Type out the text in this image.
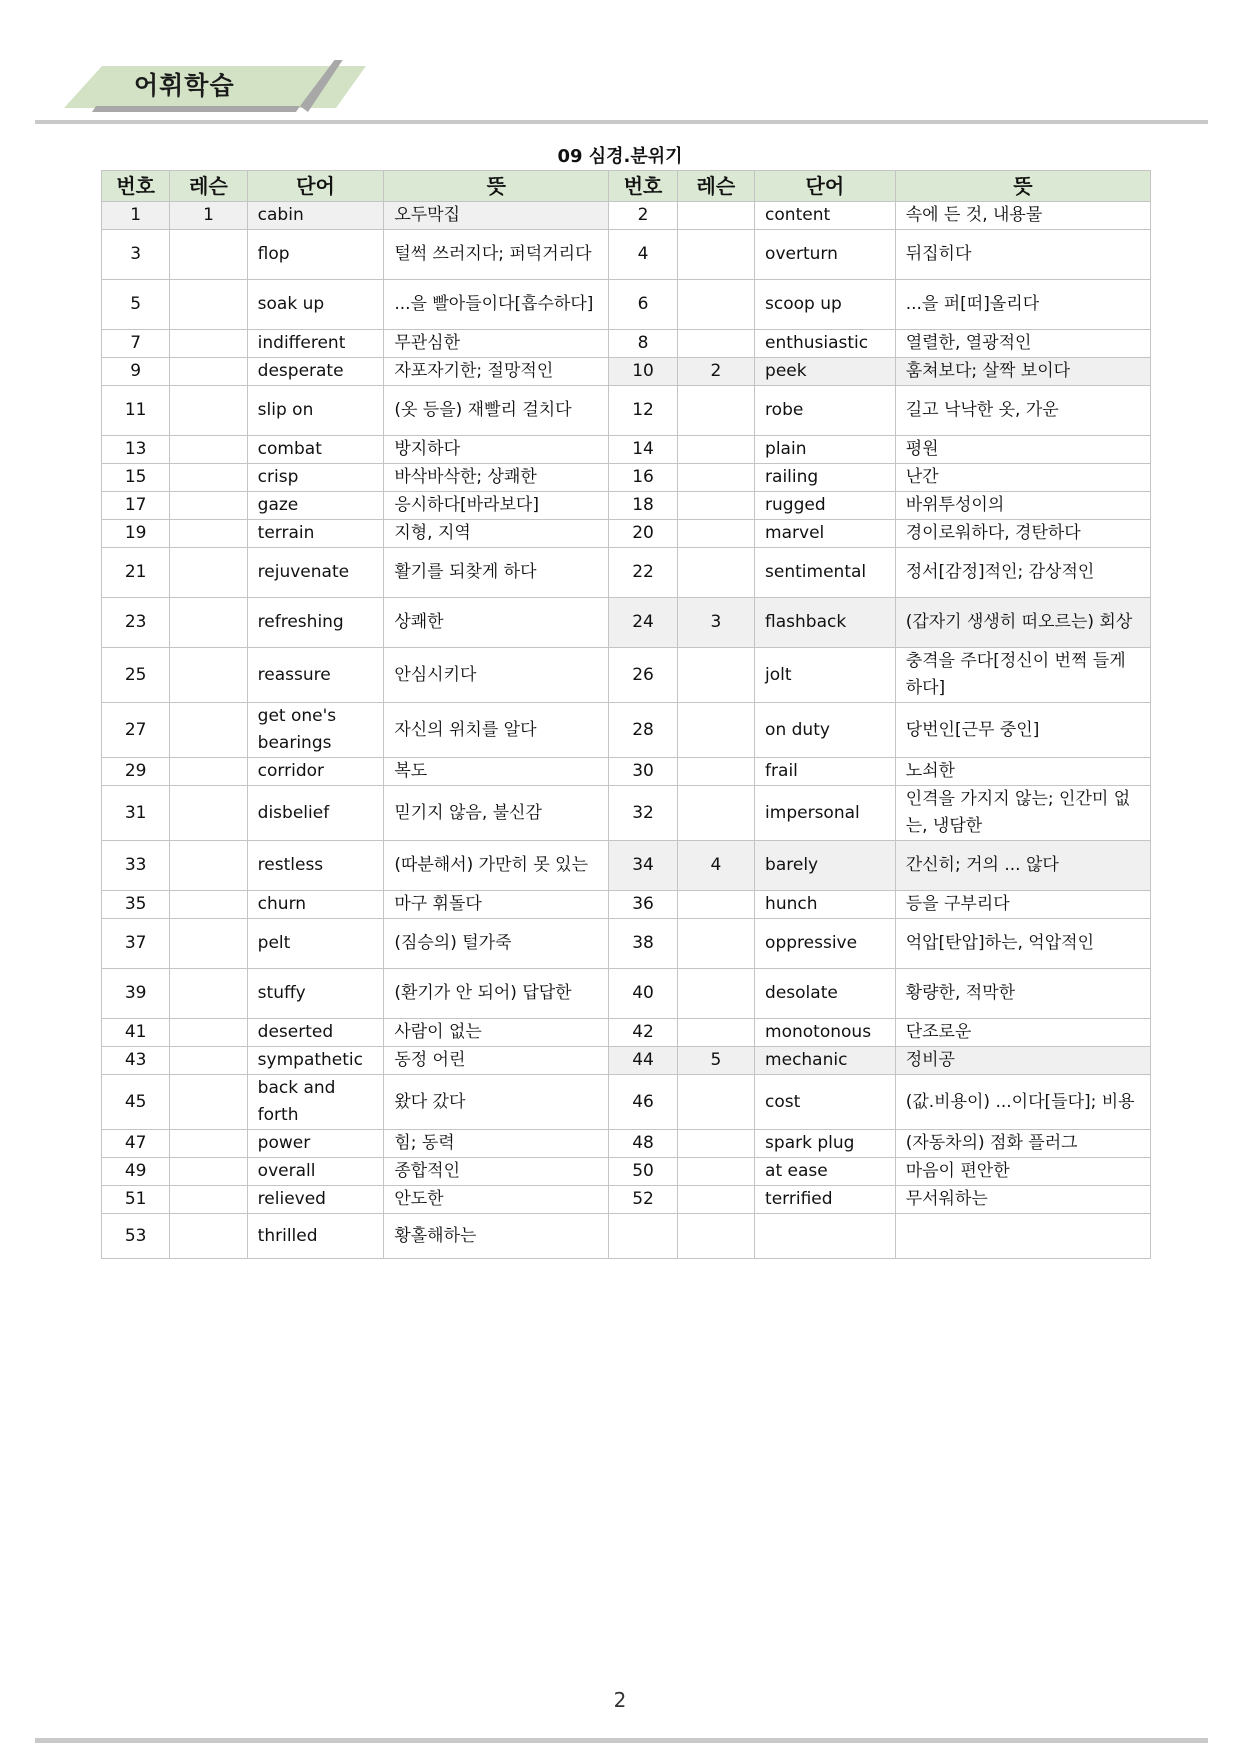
어휘학습
09 심경.분위기
번호	레슨	단어	뜻	번호	레슨	단어	뜻
1	1	cabin	오두막집	2		content	속에 든 것, 내용물
3		flop	털썩 쓰러지다; 퍼덕거리다	4		overturn	뒤집히다
5		soak up	...을 빨아들이다[흡수하다]	6		scoop up	...을 퍼[떠]올리다
7		indifferent	무관심한	8		enthusiastic	열렬한, 열광적인
9		desperate	자포자기한; 절망적인	10	2	peek	훔쳐보다; 살짝 보이다
11		slip on	(옷 등을) 재빨리 걸치다	12		robe	길고 낙낙한 옷, 가운
13		combat	방지하다	14		plain	평원
15		crisp	바삭바삭한; 상쾌한	16		railing	난간
17		gaze	응시하다[바라보다]	18		rugged	바위투성이의
19		terrain	지형, 지역	20		marvel	경이로워하다, 경탄하다
21		rejuvenate	활기를 되찾게 하다	22		sentimental	정서[감정]적인; 감상적인
23		refreshing	상쾌한	24	3	flashback	(갑자기 생생히 떠오르는) 회상
25		reassure	안심시키다	26		jolt	충격을 주다[정신이 번쩍 들게 하다]
27		get one's bearings	자신의 위치를 알다	28		on duty	당번인[근무 중인]
29		corridor	복도	30		frail	노쇠한
31		disbelief	믿기지 않음, 불신감	32		impersonal	인격을 가지지 않는; 인간미 없는, 냉담한
33		restless	(따분해서) 가만히 못 있는	34	4	barely	간신히; 거의 ... 않다
35		churn	마구 휘돌다	36		hunch	등을 구부리다
37		pelt	(짐승의) 털가죽	38		oppressive	억압[탄압]하는, 억압적인
39		stuffy	(환기가 안 되어) 답답한	40		desolate	황량한, 적막한
41		deserted	사람이 없는	42		monotonous	단조로운
43		sympathetic	동정 어린	44	5	mechanic	정비공
45		back and forth	왔다 갔다	46		cost	(값.비용이) ...이다[들다]; 비용
47		power	힘; 동력	48		spark plug	(자동차의) 점화 플러그
49		overall	종합적인	50		at ease	마음이 편안한
51		relieved	안도한	52		terrified	무서워하는
53		thrilled	황홀해하는				
2
